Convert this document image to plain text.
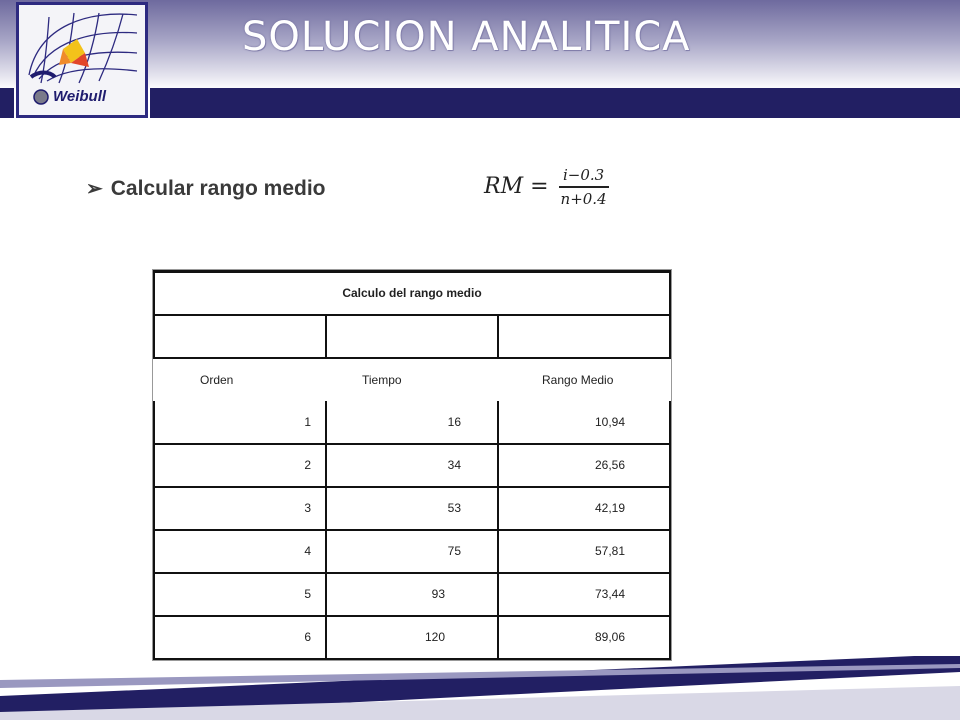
Weibull
SOLUCION ANALITICA
➢ Calcular rango medio	RM = $\frac{i-0.3}{n+0.4}$
Calculo del rango medio		

Orden	Tiempo	Rango Medio
1	16	10,94
2	34	26,56
3	53	42,19
4	75	57,81
5	93	73,44
6	120	89,06
